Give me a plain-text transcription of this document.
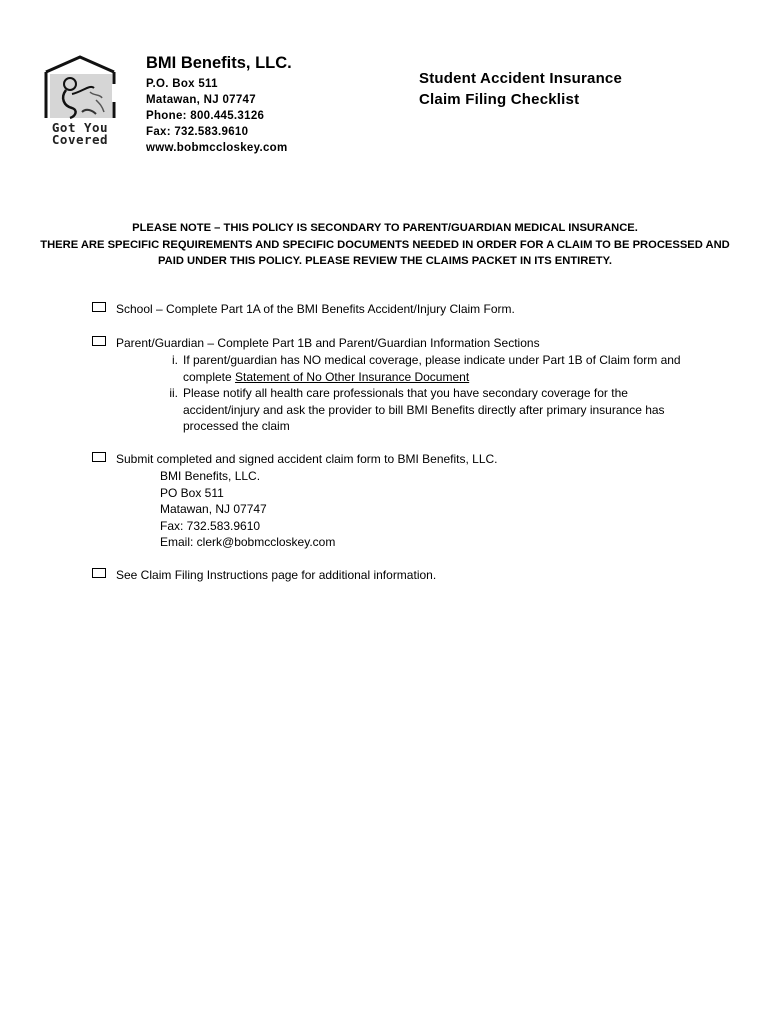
Got You
Covered
BMI Benefits, LLC.
P.O. Box 511
Matawan, NJ 07747
Phone: 800.445.3126
Fax: 732.583.9610
www.bobmccloskey.com
Student Accident Insurance
Claim Filing Checklist
PLEASE NOTE – THIS POLICY IS SECONDARY TO PARENT/GUARDIAN MEDICAL INSURANCE.
THERE ARE SPECIFIC REQUIREMENTS AND SPECIFIC DOCUMENTS NEEDED IN ORDER FOR A CLAIM TO BE PROCESSED AND
PAID UNDER THIS POLICY. PLEASE REVIEW THE CLAIMS PACKET IN ITS ENTIRETY.
School – Complete Part 1A of the BMI Benefits Accident/Injury Claim Form.
Parent/Guardian – Complete Part 1B and Parent/Guardian Information Sections
i. If parent/guardian has NO medical coverage, please indicate under Part 1B of Claim form and
complete Statement of No Other Insurance Document
ii. Please notify all health care professionals that you have secondary coverage for the
accident/injury and ask the provider to bill BMI Benefits directly after primary insurance has
processed the claim
Submit completed and signed accident claim form to BMI Benefits, LLC.
BMI Benefits, LLC.
PO Box 511
Matawan, NJ 07747
Fax: 732.583.9610
Email: clerk@bobmccloskey.com
See Claim Filing Instructions page for additional information.
